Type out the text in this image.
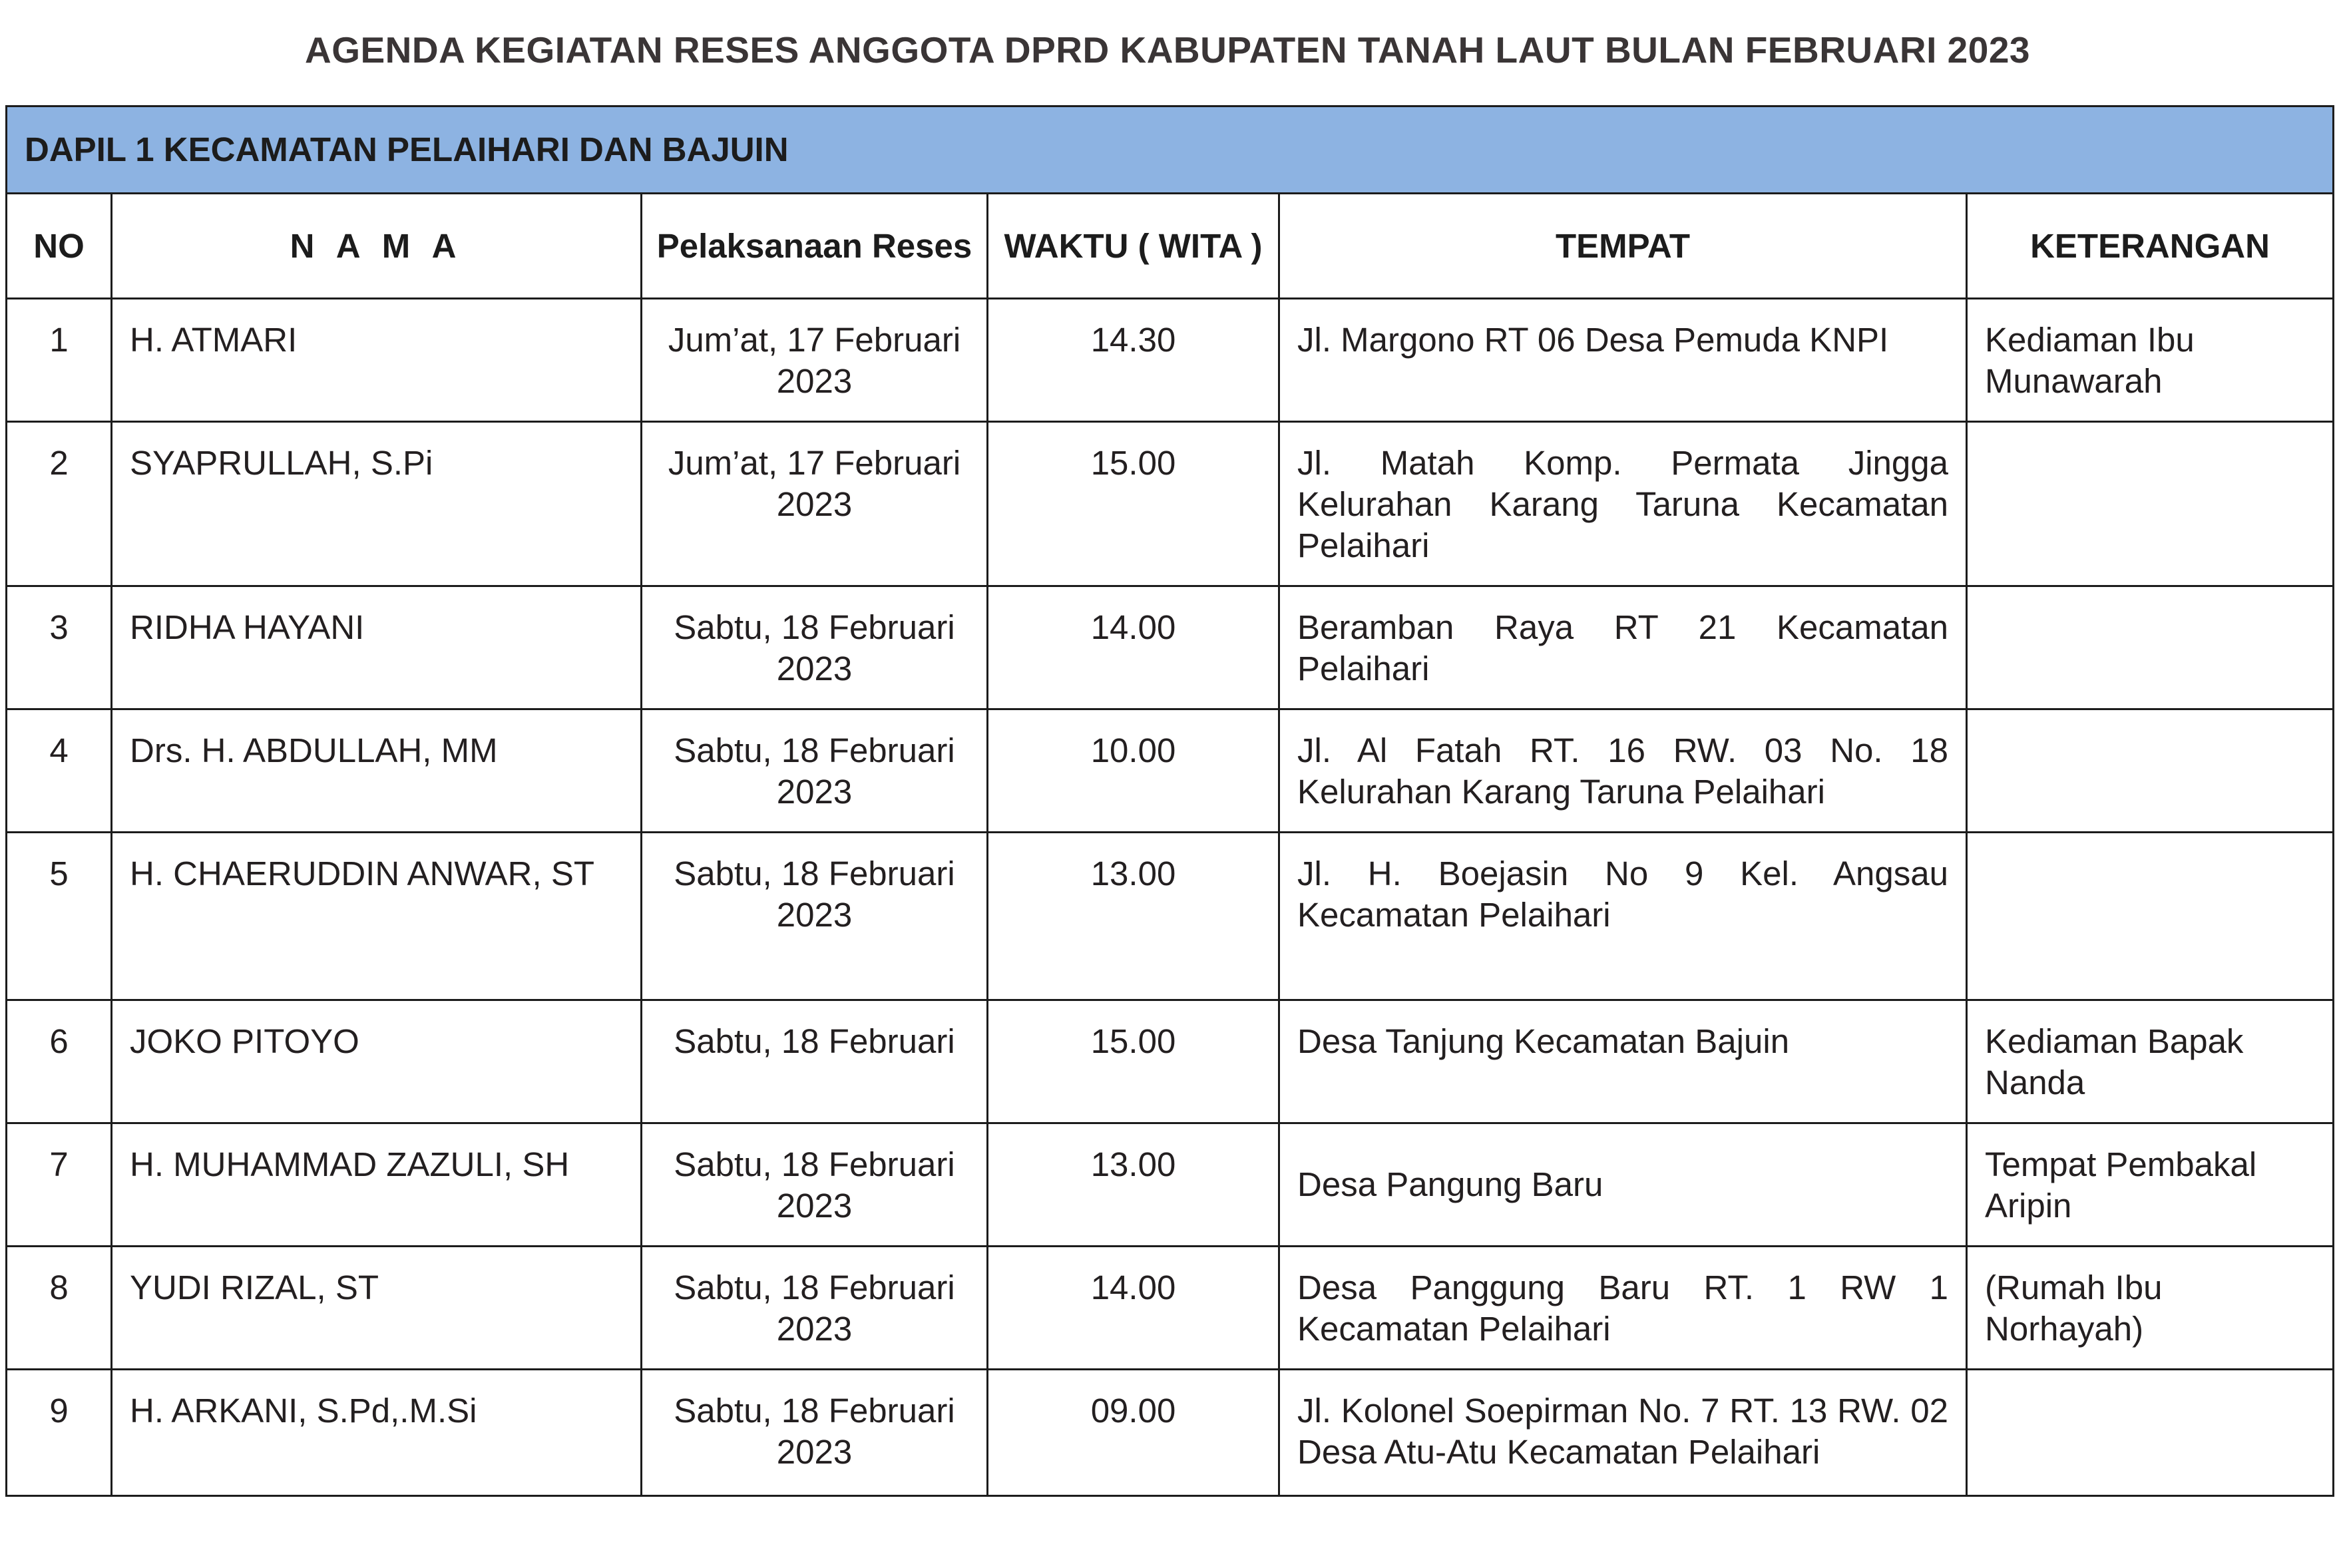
AGENDA KEGIATAN RESES ANGGOTA DPRD KABUPATEN TANAH LAUT BULAN FEBRUARI 2023
DAPIL 1 KECAMATAN PELAIHARI DAN BAJUIN					
NO	N A M A	Pelaksanaan Reses	WAKTU ( WITA )	TEMPAT	KETERANGAN
1	H. ATMARI	Jum’at, 17 Februari 2023	14.30	Jl. Margono RT 06 Desa Pemuda KNPI	Kediaman Ibu Munawarah
2	SYAPRULLAH, S.Pi	Jum’at, 17 Februari 2023	15.00	Jl. Matah Komp. Permata Jingga Kelurahan Karang Taruna Kecamatan Pelaihari	
3	RIDHA HAYANI	Sabtu, 18 Februari 2023	14.00	Beramban Raya RT 21 Kecamatan Pelaihari	
4	Drs. H. ABDULLAH, MM	Sabtu, 18 Februari 2023	10.00	Jl. Al Fatah RT. 16 RW. 03 No. 18 Kelurahan Karang Taruna Pelaihari	
5	H. CHAERUDDIN ANWAR, ST	Sabtu, 18 Februari 2023	13.00	Jl. H. Boejasin No 9 Kel. Angsau Kecamatan Pelaihari	
6	JOKO PITOYO	Sabtu, 18 Februari	15.00	Desa Tanjung Kecamatan Bajuin	Kediaman Bapak Nanda
7	H. MUHAMMAD ZAZULI, SH	Sabtu, 18 Februari 2023	13.00	Desa Pangung Baru	Tempat Pembakal Aripin
8	YUDI RIZAL, ST	Sabtu, 18 Februari 2023	14.00	Desa Panggung Baru RT. 1 RW 1 Kecamatan Pelaihari	(Rumah Ibu Norhayah)
9	H. ARKANI, S.Pd,.M.Si	Sabtu, 18 Februari 2023	09.00	Jl. Kolonel Soepirman No. 7 RT. 13 RW. 02 Desa Atu-Atu Kecamatan Pelaihari	
